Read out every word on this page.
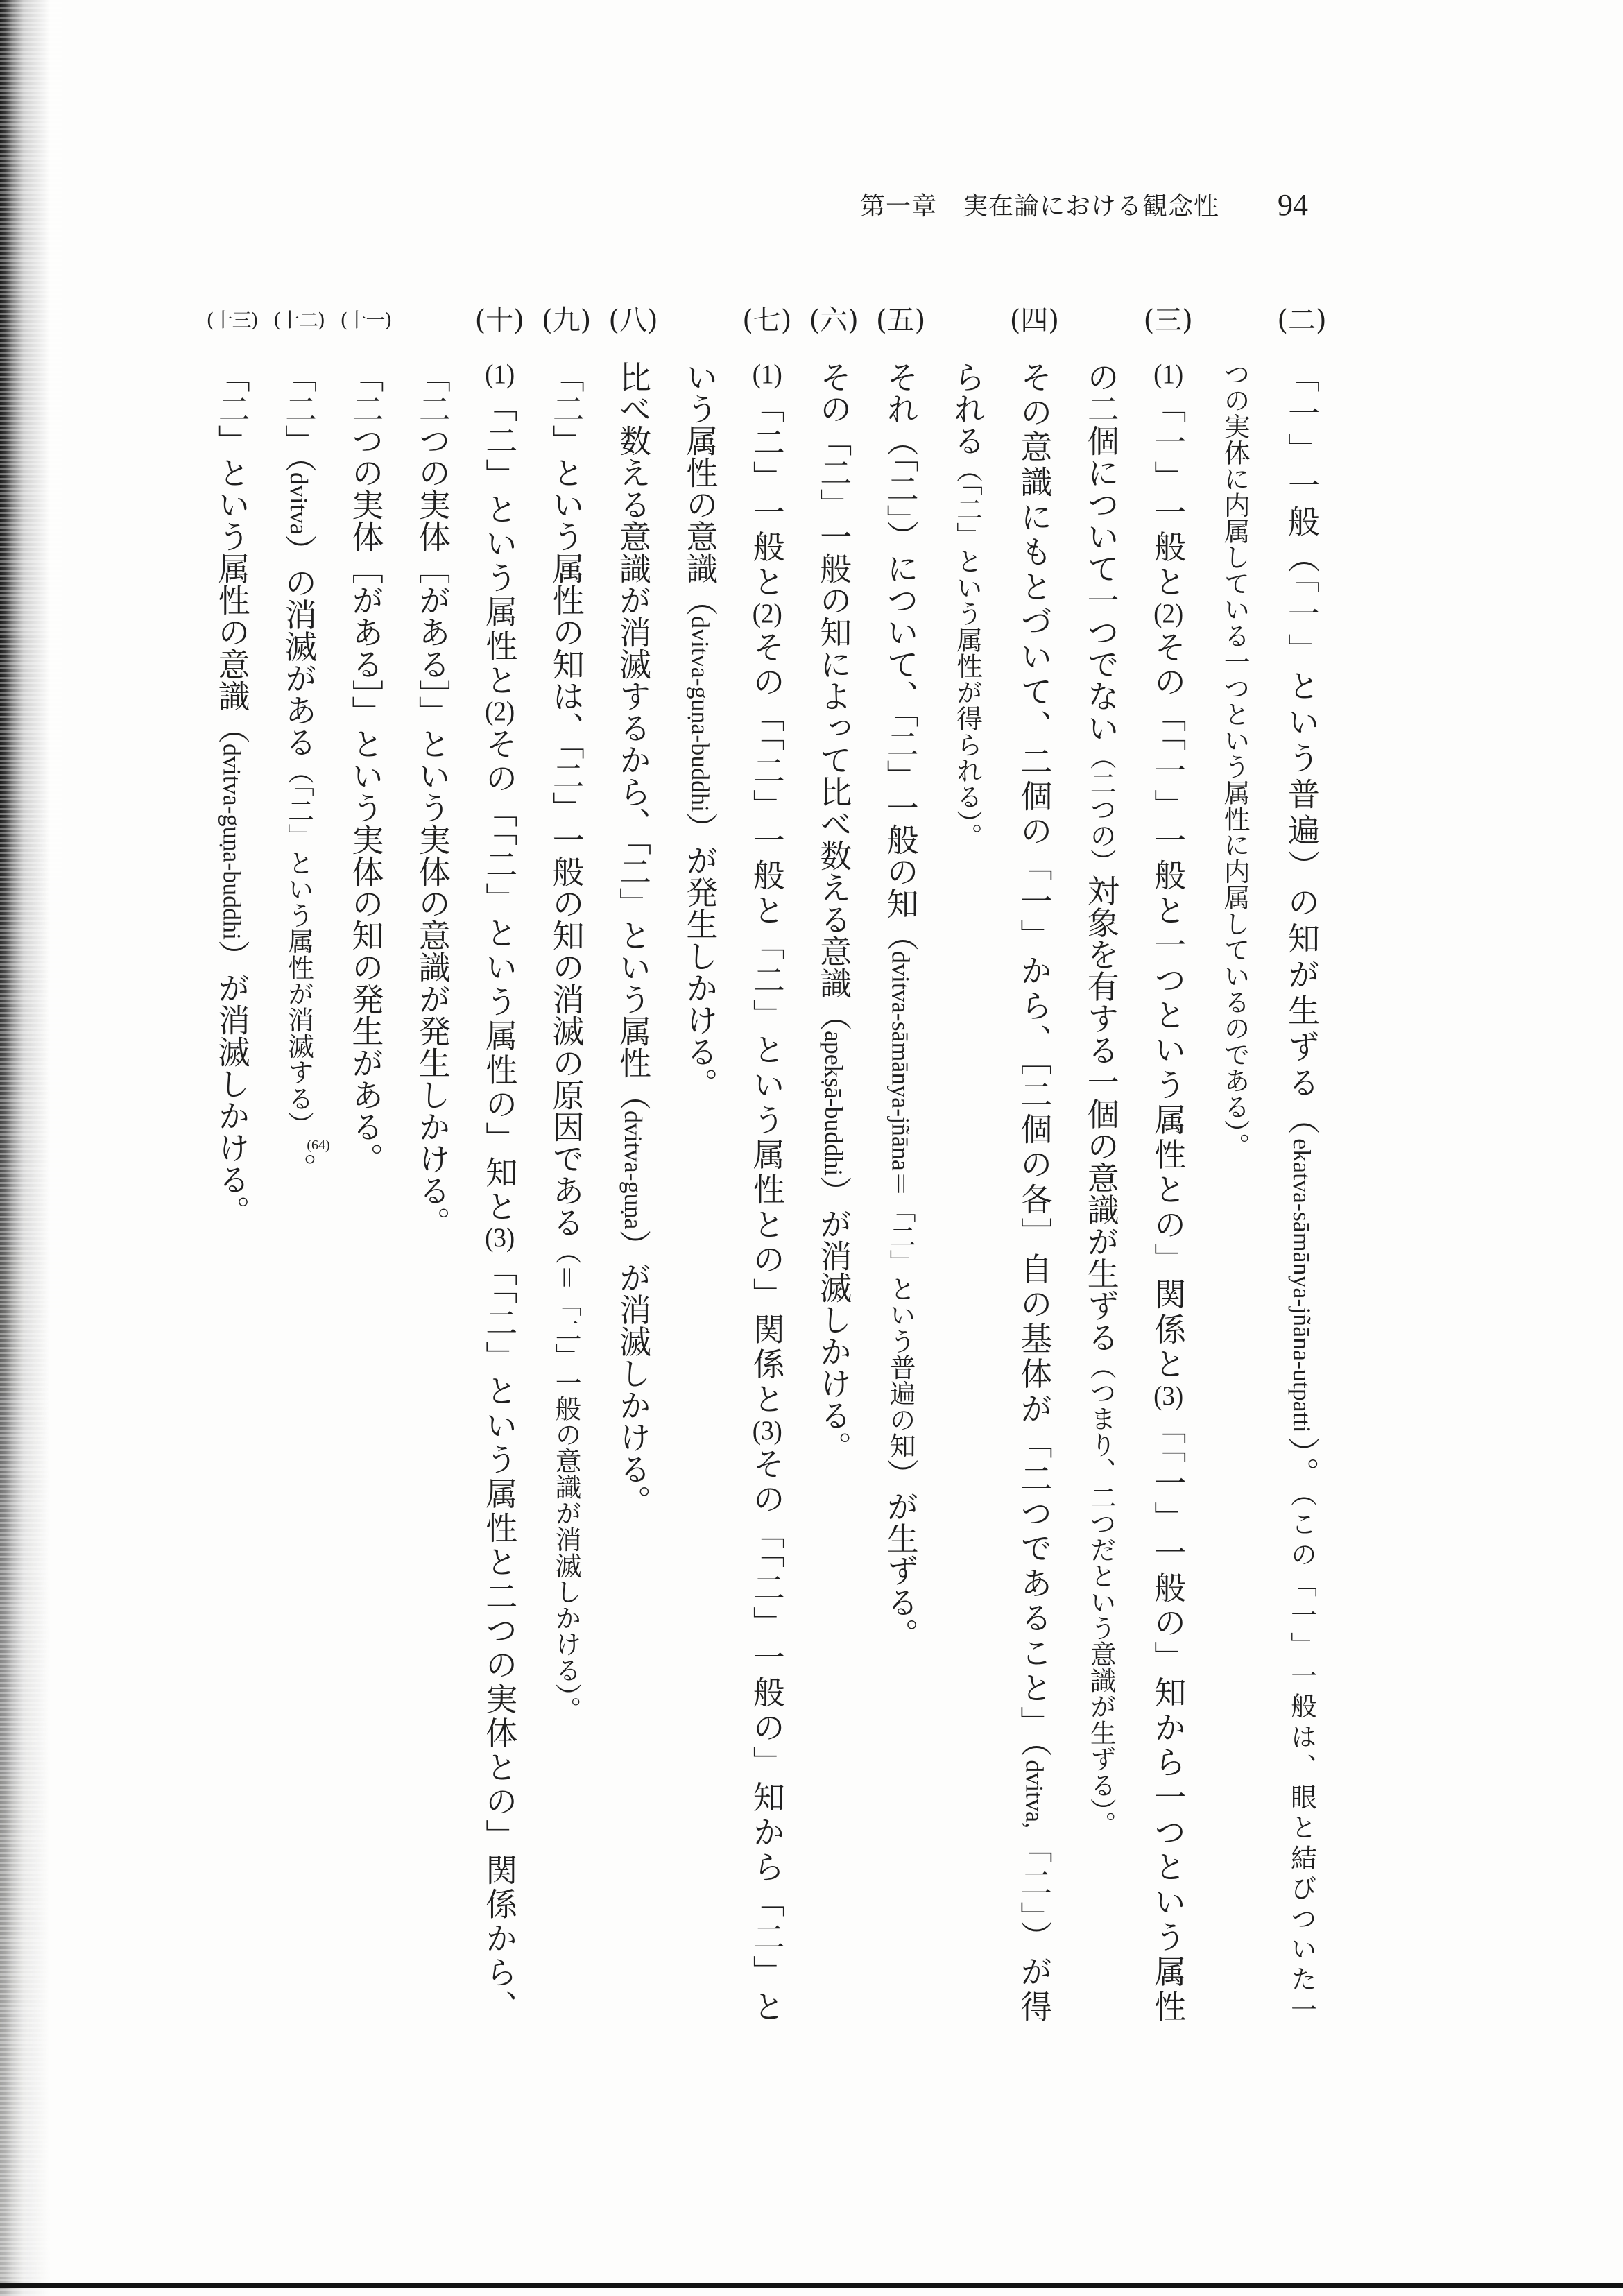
第一章　実在論における観念性 94
(二)
「一」一般（「一」という普遍）の知が生ずる（ekatva-sāmānya-jñāna-utpatti）。（この「一」一般は、眼と結びついた一
つの実体に内属している一つという属性に内属しているのである）。
(三)
(1)「一」一般と(2)その「「一」一般と一つという属性との」関係と(3)「「一」一般の」知から一つという属性
の二個について一つでない（二つの）対象を有する一個の意識が生ずる（つまり、二つだという意識が生ずる）。
(四)
その意識にもとづいて、二個の「一」から、［二個の各］自の基体が「二つであること」（dvitva,「二」）が得
られる（「二」という属性が得られる）。
(五)
それ（「二」）について、「二」一般の知（dvitva-sāmānya-jñāna＝「二」という普遍の知）が生ずる。
(六)
その「二」一般の知によって比べ数える意識（apekṣā-buddhi）が消滅しかける。
(七)
(1)「二」一般と(2)その「「二」一般と「二」という属性との」関係と(3)その「「二」一般の」知から「二」と
いう属性の意識（dvitva-guṇa-buddhi）が発生しかける。
(八)
比べ数える意識が消滅するから、「二」という属性（dvitva-guṇa）が消滅しかける。
(九)
「二」という属性の知は、「二」一般の知の消滅の原因である（＝「二」一般の意識が消滅しかける）。
(十)
(1)「二」という属性と(2)その「「二」という属性の」知と(3)「「二」という属性と二つの実体との」関係から、
「二つの実体［がある］」という実体の意識が発生しかける。
(十一)
「二つの実体［がある］」という実体の知の発生がある。
(十二)
「二」（dvitva）の消滅がある（「二」という属性が消滅する）(64)。
(十三)
「二」という属性の意識（dvitva-guṇa-buddhi）が消滅しかける。
